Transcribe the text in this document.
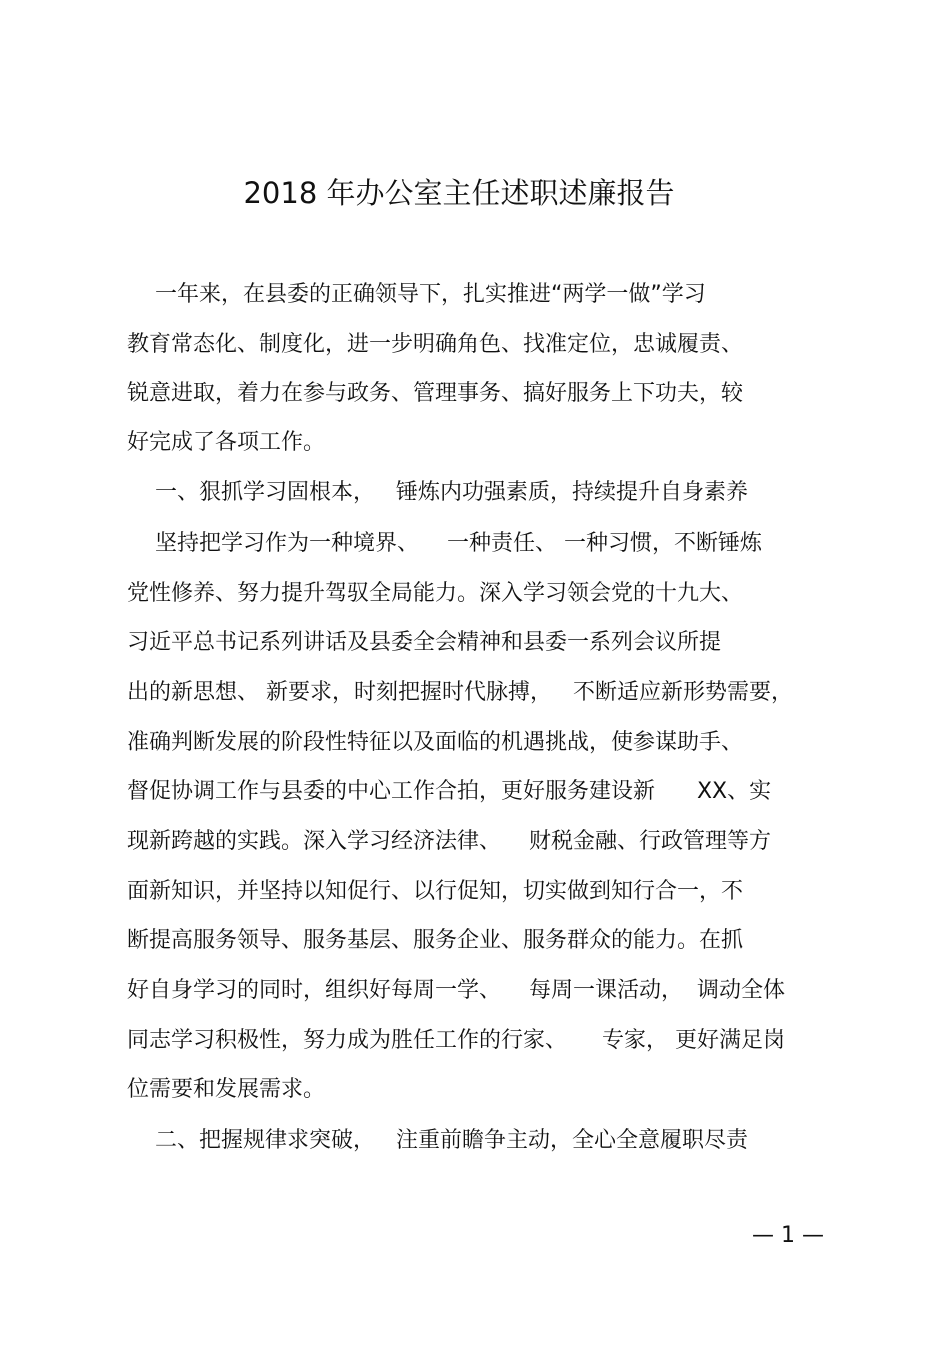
2018 年办公室主任述职述廉报告
一年来，在县委的正确领导下，扎实推进“两学一做”学习
教育常态化、制度化，进一步明确角色、找准定位，忠诚履责、
锐意进取，着力在参与政务、管理事务、搞好服务上下功夫，较
好完成了各项工作。
一、狠抓学习固根本，   锤炼内功强素质，持续提升自身素养
坚持把学习作为一种境界、    一种责任、 一种习惯，不断锤炼
党性修养、努力提升驾驭全局能力。深入学习领会党的十九大、
习近平总书记系列讲话及县委全会精神和县委一系列会议所提
出的新思想、 新要求，时刻把握时代脉搏，   不断适应新形势需要，
准确判断发展的阶段性特征以及面临的机遇挑战，使参谋助手、
督促协调工作与县委的中心工作合拍，更好服务建设新      XX、实
现新跨越的实践。深入学习经济法律、    财税金融、行政管理等方
面新知识，并坚持以知促行、以行促知，切实做到知行合一，不
断提高服务领导、服务基层、服务企业、服务群众的能力。在抓
好自身学习的同时，组织好每周一学、    每周一课活动，  调动全体
同志学习积极性，努力成为胜任工作的行家、     专家， 更好满足岗
位需要和发展需求。
二、把握规律求突破，   注重前瞻争主动，全心全意履职尽责
— 1 —
